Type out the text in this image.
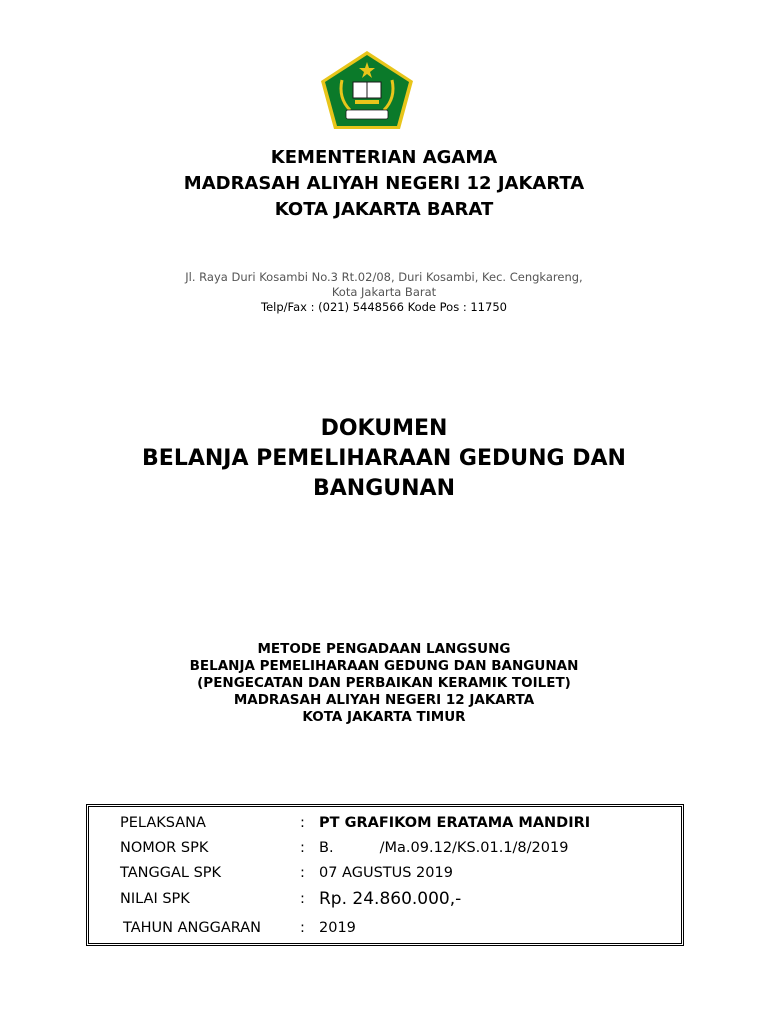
KEMENTERIAN AGAMA
MADRASAH ALIYAH NEGERI 12 JAKARTA
KOTA JAKARTA BARAT
Jl. Raya Duri Kosambi No.3 Rt.02/08, Duri Kosambi, Kec. Cengkareng,
Kota Jakarta Barat
Telp/Fax : (021) 5448566 Kode Pos : 11750
DOKUMEN
BELANJA PEMELIHARAAN GEDUNG DAN
BANGUNAN
METODE PENGADAAN LANGSUNG
BELANJA PEMELIHARAAN GEDUNG DAN BANGUNAN
(PENGECATAN DAN PERBAIKAN KERAMIK TOILET)
MADRASAH ALIYAH NEGERI 12 JAKARTA
KOTA JAKARTA TIMUR
PELAKSANA	: PT GRAFIKOM ERATAMA MANDIRI
NOMOR SPK	: B.          /Ma.09.12/KS.01.1/8/2019
TANGGAL SPK	: 07 AGUSTUS 2019
NILAI SPK	: Rp. 24.860.000,-
TAHUN ANGGARAN	: 2019
